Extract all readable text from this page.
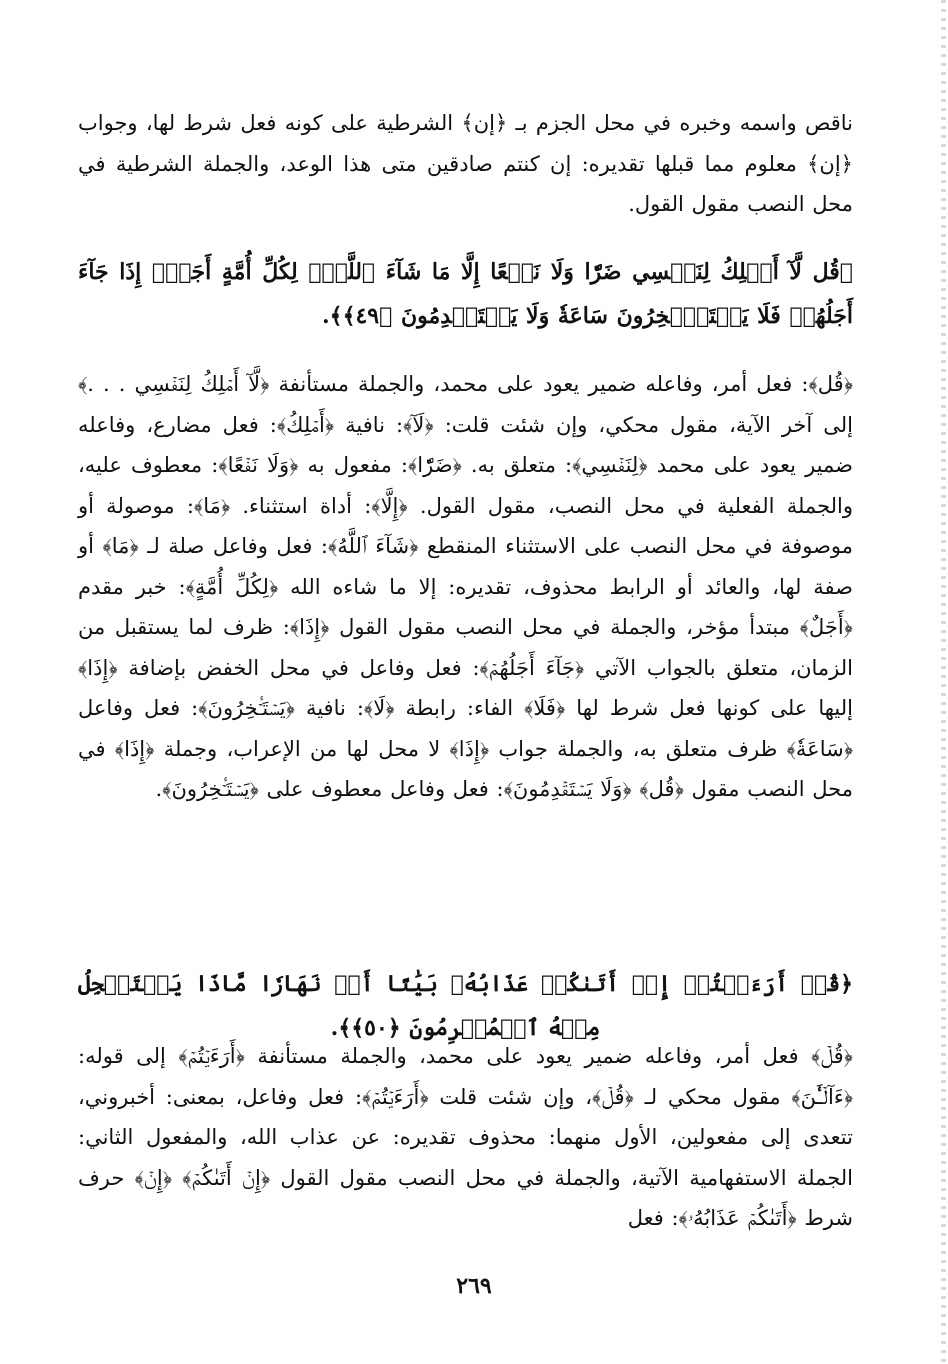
ناقص واسمه وخبره في محل الجزم بـ ﴿إن﴾ الشرطية على كونه فعل شرط لها، وجواب ﴿إن﴾ معلوم مما قبلها تقديره: إن كنتم صادقين متى هذا الوعد، والجملة الشرطية في محل النصب مقول القول.
﴿قُل لَّآ أَمۡلِكُ لِنَفۡسِي ضَرّٗا وَلَا نَفۡعًا إِلَّا مَا شَآءَ ٱللَّهُۗ لِكُلِّ أُمَّةٍ أَجَلٌۚ إِذَا جَآءَ أَجَلُهُمۡ فَلَا يَسۡتَـٔۡخِرُونَ سَاعَةٗ وَلَا يَسۡتَقۡدِمُونَ ﴿٤٩﴾﴾.
﴿قُل﴾: فعل أمر، وفاعله ضمير يعود على محمد، والجملة مستأنفة ﴿لَّآ أَمۡلِكُ لِنَفۡسِي . . .﴾ إلى آخر الآية، مقول محكي، وإن شئت قلت: ﴿لَآ﴾: نافية ﴿أَمۡلِكُ﴾: فعل مضارع، وفاعله ضمير يعود على محمد ﴿لِنَفۡسِي﴾: متعلق به. ﴿ضَرّٗا﴾: مفعول به ﴿وَلَا نَفۡعًا﴾: معطوف عليه، والجملة الفعلية في محل النصب، مقول القول. ﴿إِلَّا﴾: أداة استثناء. ﴿مَا﴾: موصولة أو موصوفة في محل النصب على الاستثناء المنقطع ﴿شَآءَ ٱللَّهُ﴾: فعل وفاعل صلة لـ ﴿مَا﴾ أو صفة لها، والعائد أو الرابط محذوف، تقديره: إلا ما شاءه الله ﴿لِكُلِّ أُمَّةٍ﴾: خبر مقدم ﴿أَجَلٌ﴾ مبتدأ مؤخر، والجملة في محل النصب مقول القول ﴿إِذَا﴾: ظرف لما يستقبل من الزمان، متعلق بالجواب الآتي ﴿جَآءَ أَجَلُهُمۡ﴾: فعل وفاعل في محل الخفض بإضافة ﴿إِذَا﴾ إليها على كونها فعل شرط لها ﴿فَلَا﴾ الفاء: رابطة ﴿لَا﴾: نافية ﴿يَسۡتَـٔۡخِرُونَ﴾: فعل وفاعل ﴿سَاعَةٗ﴾ ظرف متعلق به، والجملة جواب ﴿إِذَا﴾ لا محل لها من الإعراب، وجملة ﴿إِذَا﴾ في محل النصب مقول ﴿قُل﴾ ﴿وَلَا يَسۡتَقۡدِمُونَ﴾: فعل وفاعل معطوف على ﴿يَسۡتَـٔۡخِرُونَ﴾.
﴿قُلۡ أَرَءَيۡتُمۡ إِنۡ أَتَىٰكُمۡ عَذَابُهُۥ بَيَٰتًا أَوۡ نَهَارٗا مَّاذَا يَسۡتَعۡجِلُ مِنۡهُ ٱلۡمُجۡرِمُونَ ﴿٥٠﴾﴾.
﴿قُلۡ﴾ فعل أمر، وفاعله ضمير يعود على محمد، والجملة مستأنفة ﴿أَرَءَيۡتُمۡ﴾ إلى قوله: ﴿ءَآلۡـَٰٔنَ﴾ مقول محكي لـ ﴿قُلۡ﴾، وإن شئت قلت ﴿أَرَءَيۡتُمۡ﴾: فعل وفاعل، بمعنى: أخبروني، تتعدى إلى مفعولين، الأول منهما: محذوف تقديره: عن عذاب الله، والمفعول الثاني: الجملة الاستفهامية الآتية، والجملة في محل النصب مقول القول ﴿إِنۡ أَتَىٰكُمۡ﴾ ﴿إِنۡ﴾ حرف شرط ﴿أَتَىٰكُمۡ عَذَابُهُۥ﴾: فعل
٢٦٩
